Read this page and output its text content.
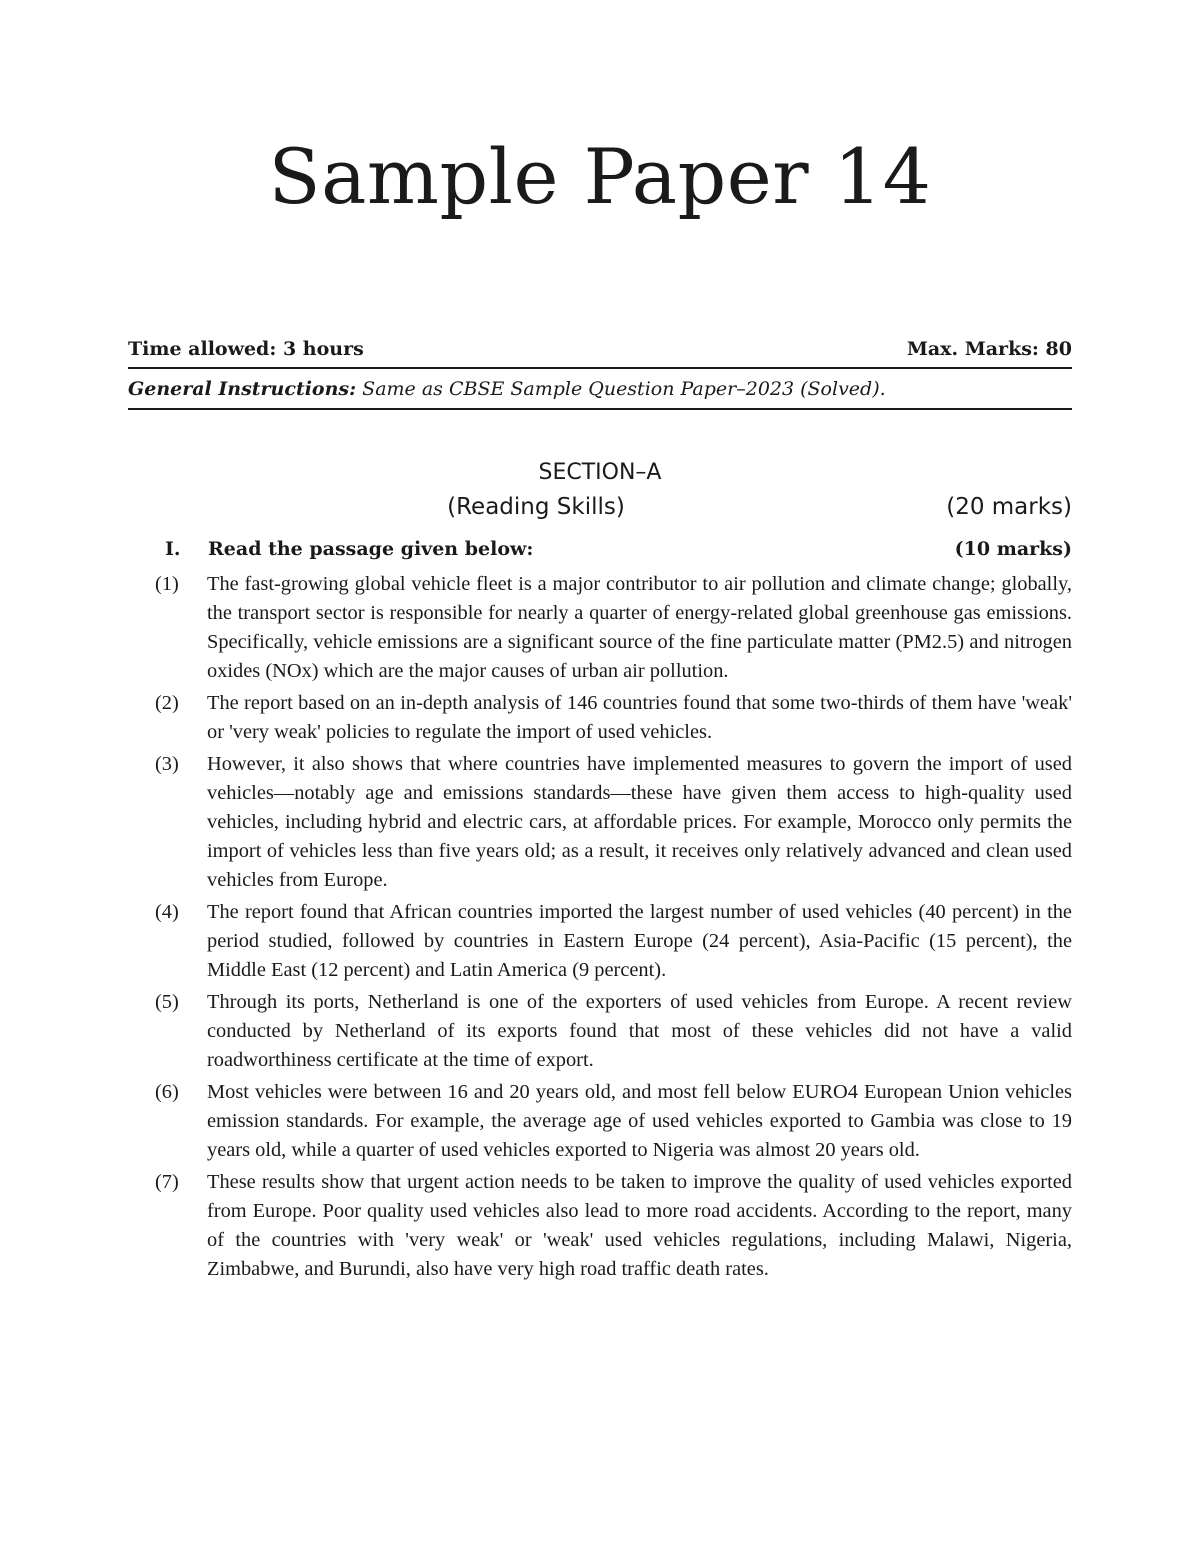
Sample Paper 14
Time allowed: 3 hours	Max. Marks: 80
General Instructions: Same as CBSE Sample Question Paper–2023 (Solved).
SECTION–A
(Reading Skills)	(20 marks)
I.	Read the passage given below:	(10 marks)
(1)	The fast-growing global vehicle fleet is a major contributor to air pollution and climate change; globally, the transport sector is responsible for nearly a quarter of energy-related global greenhouse gas emissions. Specifically, vehicle emissions are a significant source of the fine particulate matter (PM2.5) and nitrogen oxides (NOx) which are the major causes of urban air pollution.
(2)	The report based on an in-depth analysis of 146 countries found that some two-thirds of them have 'weak' or 'very weak' policies to regulate the import of used vehicles.
(3)	However, it also shows that where countries have implemented measures to govern the import of used vehicles—notably age and emissions standards—these have given them access to high-quality used vehicles, including hybrid and electric cars, at affordable prices. For example, Morocco only permits the import of vehicles less than five years old; as a result, it receives only relatively advanced and clean used vehicles from Europe.
(4)	The report found that African countries imported the largest number of used vehicles (40 percent) in the period studied, followed by countries in Eastern Europe (24 percent), Asia-Pacific (15 percent), the Middle East (12 percent) and Latin America (9 percent).
(5)	Through its ports, Netherland is one of the exporters of used vehicles from Europe. A recent review conducted by Netherland of its exports found that most of these vehicles did not have a valid roadworthiness certificate at the time of export.
(6)	Most vehicles were between 16 and 20 years old, and most fell below EURO4 European Union vehicles emission standards. For example, the average age of used vehicles exported to Gambia was close to 19 years old, while a quarter of used vehicles exported to Nigeria was almost 20 years old.
(7)	These results show that urgent action needs to be taken to improve the quality of used vehicles exported from Europe. Poor quality used vehicles also lead to more road accidents. According to the report, many of the countries with 'very weak' or 'weak' used vehicles regulations, including Malawi, Nigeria, Zimbabwe, and Burundi, also have very high road traffic death rates.
